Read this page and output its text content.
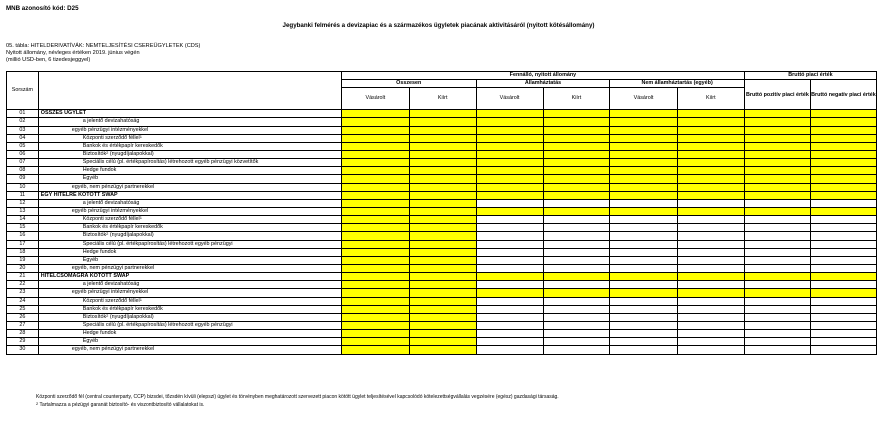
MNB azonosító kód: D25
Jegybanki felmérés a devizapiac és a származékos ügyletek piacának aktivitásáról (nyitott kötésállomány)
05. tábla: HITELDERIVATÍVÁK: NEMTELJESÍTÉSI CSEREÜGYLETEK (CDS)
Nyitott állomány, névleges értéken 2019. június végén
(millió USD-ben, 6 tizedesjeggyel)
Sorszám		Fennálló, nyitott állomány						Bruttó piaci érték	
		Összesen		Államháztatás		Nem államháztartás (egyéb)		Bruttó pozitív piaci érték	Bruttó negatív piaci érték
		Vásárolt	Kiírt	Vásárolt	Kiírt	Vásárolt	Kiírt		
01	ÖSSZES ÜGYLET								
02	a jelentő devizahatóság								
03	egyéb pénzügyi intézményekkel								
04	Központi szerződő féllel$^1$								
05	Bankok és értékpapír kereskedők								
06	Biztosítók$^2$ (nyugdíjalapokkal)								
07	Speciális célú (pl. értékpapírosítás) létrehozott egyéb pénzügyi közvetítők								
08	Hedge fundok								
09	Egyéb								
10	egyéb, nem pénzügyi partnerekkel								
11	EGY HITELRE KÖTÖTT SWAP								
12	a jelentő devizahatóság								
13	egyéb pénzügyi intézményekkel								
14	Központi szerződő féllel$^1$								
15	Bankok és értékpapír kereskedők								
16	Biztosítók$^2$ (nyugdíjalapokkal)								
17	Speciális célú (pl. értékpapírosítás) létrehozott egyéb pénzügyi								
18	Hedge fundok								
19	Egyéb								
20	egyéb, nem pénzügyi partnerekkel								
21	HITELCSOMAGRA KÖTÖTT SWAP								
22	a jelentő devizahatóság								
23	egyéb pénzügyi intézményekkel								
24	Központi szerződő féllel$^1$								
25	Bankok és értékpapír kereskedők								
26	Biztosítók$^2$ (nyugdíjalapokkal)								
27	Speciális célú (pl. értékpapírosítás) létrehozott egyéb pénzügyi								
28	Hedge fundok								
29	Egyéb								
30	egyéb, nem pénzügyi partnerekkel								
Központi szerződő fél (central counterparty, CCP) bizsdei, tőzsdén kívüli (elepszi) ügylet és törvényben meghatározott szervezett piacon kötött ügylet teljesítésével kapcsolódó kötelezettségvállalás vegzésére (egész) gazdasági társaság.
$^2$ Tartalmazza a pézügyi garanát biztosító- és viszontbiztosító vállalatokat is.
